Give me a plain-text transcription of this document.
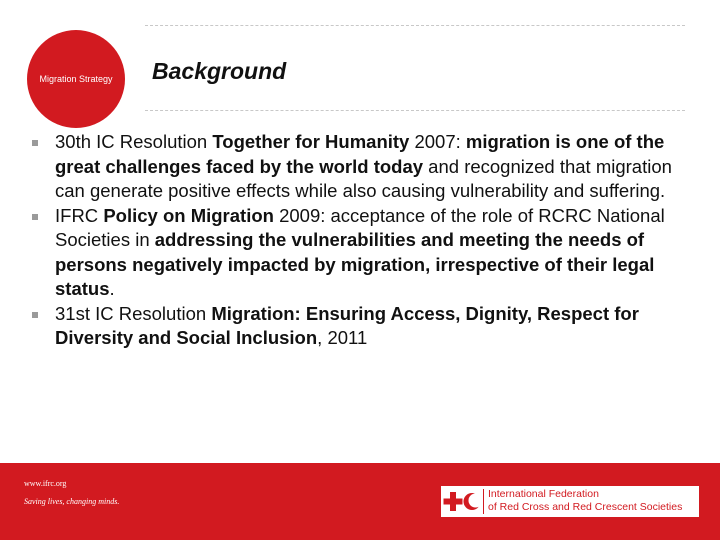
Migration Strategy Background
30th IC Resolution Together for Humanity 2007: migration is one of the great challenges faced by the world today and recognized that migration can generate positive effects while also causing vulnerability and suffering.
IFRC Policy on Migration 2009: acceptance of the role of RCRC National Societies in addressing the vulnerabilities and meeting the needs of persons negatively impacted by migration, irrespective of their legal status.
31st IC Resolution Migration: Ensuring Access, Dignity, Respect for Diversity and Social Inclusion, 2011
www.ifrc.org
Saving lives, changing minds.
International Federation
of Red Cross and Red Crescent Societies
